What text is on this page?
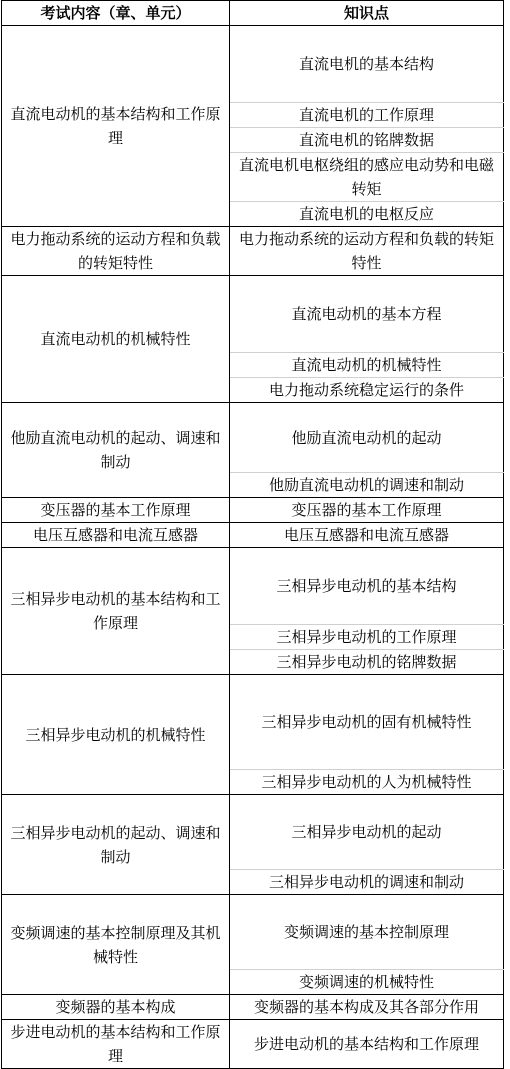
考试内容（章、单元）	知识点
直流电动机的基本结构和工作原理	直流电机的基本结构
	直流电机的工作原理
	直流电机的铭牌数据
	直流电机电枢绕组的感应电动势和电磁转矩
	直流电机的电枢反应
电力拖动系统的运动方程和负载的转矩特性	电力拖动系统的运动方程和负载的转矩特性
直流电动机的机械特性	直流电动机的基本方程
	直流电动机的机械特性
	电力拖动系统稳定运行的条件
他励直流电动机的起动、调速和制动	他励直流电动机的起动
	他励直流电动机的调速和制动
变压器的基本工作原理	变压器的基本工作原理
电压互感器和电流互感器	电压互感器和电流互感器
三相异步电动机的基本结构和工作原理	三相异步电动机的基本结构
	三相异步电动机的工作原理
	三相异步电动机的铭牌数据
三相异步电动机的机械特性	三相异步电动机的固有机械特性
	三相异步电动机的人为机械特性
三相异步电动机的起动、调速和制动	三相异步电动机的起动
	三相异步电动机的调速和制动
变频调速的基本控制原理及其机械特性	变频调速的基本控制原理
	变频调速的机械特性
变频器的基本构成	变频器的基本构成及其各部分作用
步进电动机的基本结构和工作原理	步进电动机的基本结构和工作原理
